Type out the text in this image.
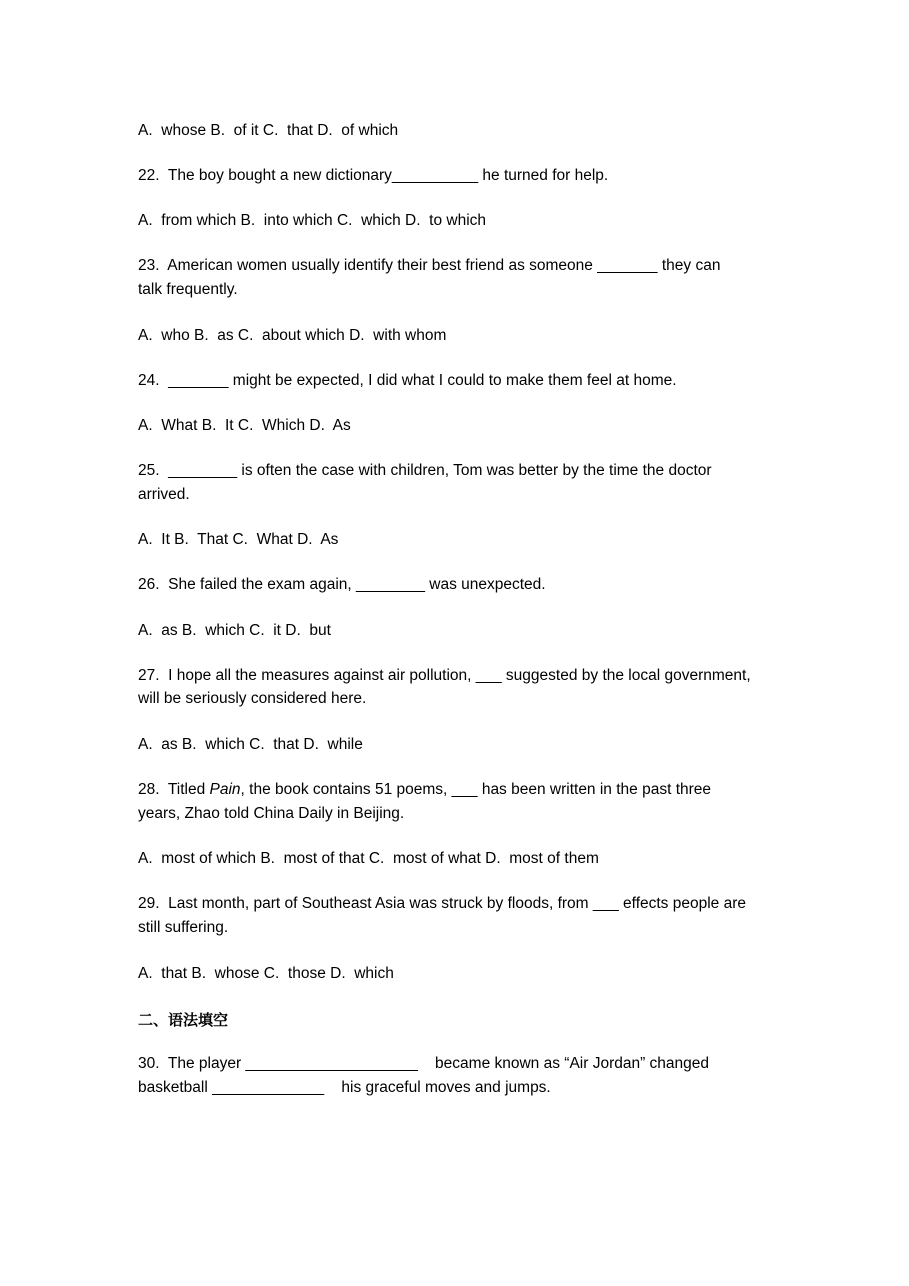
A.  whose B.  of it C.  that D.  of which
22.  The boy bought a new dictionary__________ he turned for help.
A.  from which B.  into which C.  which D.  to which
23.  American women usually identify their best friend as someone _______ they can
talk frequently.
A.  who B.  as C.  about which D.  with whom
24.  _______ might be expected, I did what I could to make them feel at home.
A.  What B.  It C.  Which D.  As
25.  ________ is often the case with children, Tom was better by the time the doctor
arrived.
A.  It B.  That C.  What D.  As
26.  She failed the exam again, ________ was unexpected.
A.  as B.  which C.  it D.  but
27.  I hope all the measures against air pollution, ___ suggested by the local government,
will be seriously considered here.
A.  as B.  which C.  that D.  while
28.  Titled Pain, the book contains 51 poems, ___ has been written in the past three
years, Zhao told China Daily in Beijing.
A.  most of which B.  most of that C.  most of what D.  most of them
29.  Last month, part of Southeast Asia was struck by floods, from ___ effects people are
still suffering.
A.  that B.  whose C.  those D.  which
二、语法填空
30.  The player ____________________    became known as “Air Jordan” changed
basketball _____________    his graceful moves and jumps.
